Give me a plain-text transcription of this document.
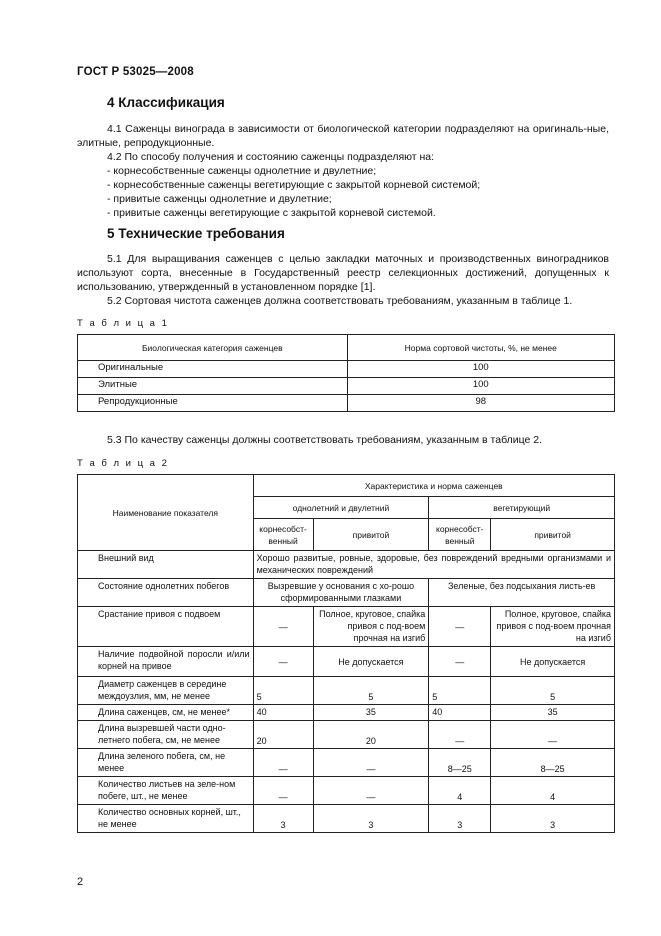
ГОСТ Р 53025—2008
4 Классификация

4.1 Саженцы винограда в зависимости от биологической категории подразделяют на оригиналь-ные, элитные, репродукционные.

4.2 По способу получения и состоянию саженцы подразделяют на:

- корнесобственные саженцы однолетние и двулетние;

- корнесобственные саженцы вегетирующие с закрытой корневой системой;

- привитые саженцы однолетние и двулетние;

- привитые саженцы вегетирующие с закрытой корневой системой.

5 Технические требования

5.1 Для выращивания саженцев с целью закладки маточных и производственных виноградников используют сорта, внесенные в Государственный реестр селекционных достижений, допущенных к использованию, утвержденный в установленном порядке [1].

5.2 Сортовая чистота саженцев должна соответствовать требованиям, указанным в таблице 1.

Т а б л и ц а 1
Биологическая категория саженцев	Норма сортовой чистоты, %, не менее
Оригинальные	100
Элитные	100
Репродукционные	98

5.3 По качеству саженцы должны соответствовать требованиям, указанным в таблице 2.

Т а б л и ц а 2
Наименование показателя	Характеристика и норма саженцев			
	однолетний и двулетний		вегетирующий	
	корнесобст-венный	привитой	корнесобст-венный	привитой
Внешний вид	Хорошо развитые, ровные, здоровые, без повреждений вредными организмами и механических повреждений			
Состояние однолетних побегов	Вызревшие у основания с хо-рошо сформированными глазками		Зеленые, без подсыхания листь-ев	
Срастание привоя с подвоем	—	Полное, круговое, спайка привоя с под-воем прочная на изгиб	—	Полное, круговое, спайка привоя с под-воем прочная на изгиб
Наличие подвойной поросли и/или корней на привое	—	Не допускается	—	Не допускается
Диаметр саженцев в середине междоузлия, мм, не менее	5	5	5	5
Длина саженцев, см, не менее*	40	35	40	35
Длина вызревшей части одно-летнего побега, см, не менее	20	20	—	—
Длина зеленого побега, см, не менее	—	—	8—25	8—25
Количество листьев на зеле-ном побеге, шт., не менее	—	—	4	4
Количество основных корней, шт., не менее	3	3	3	3
2
